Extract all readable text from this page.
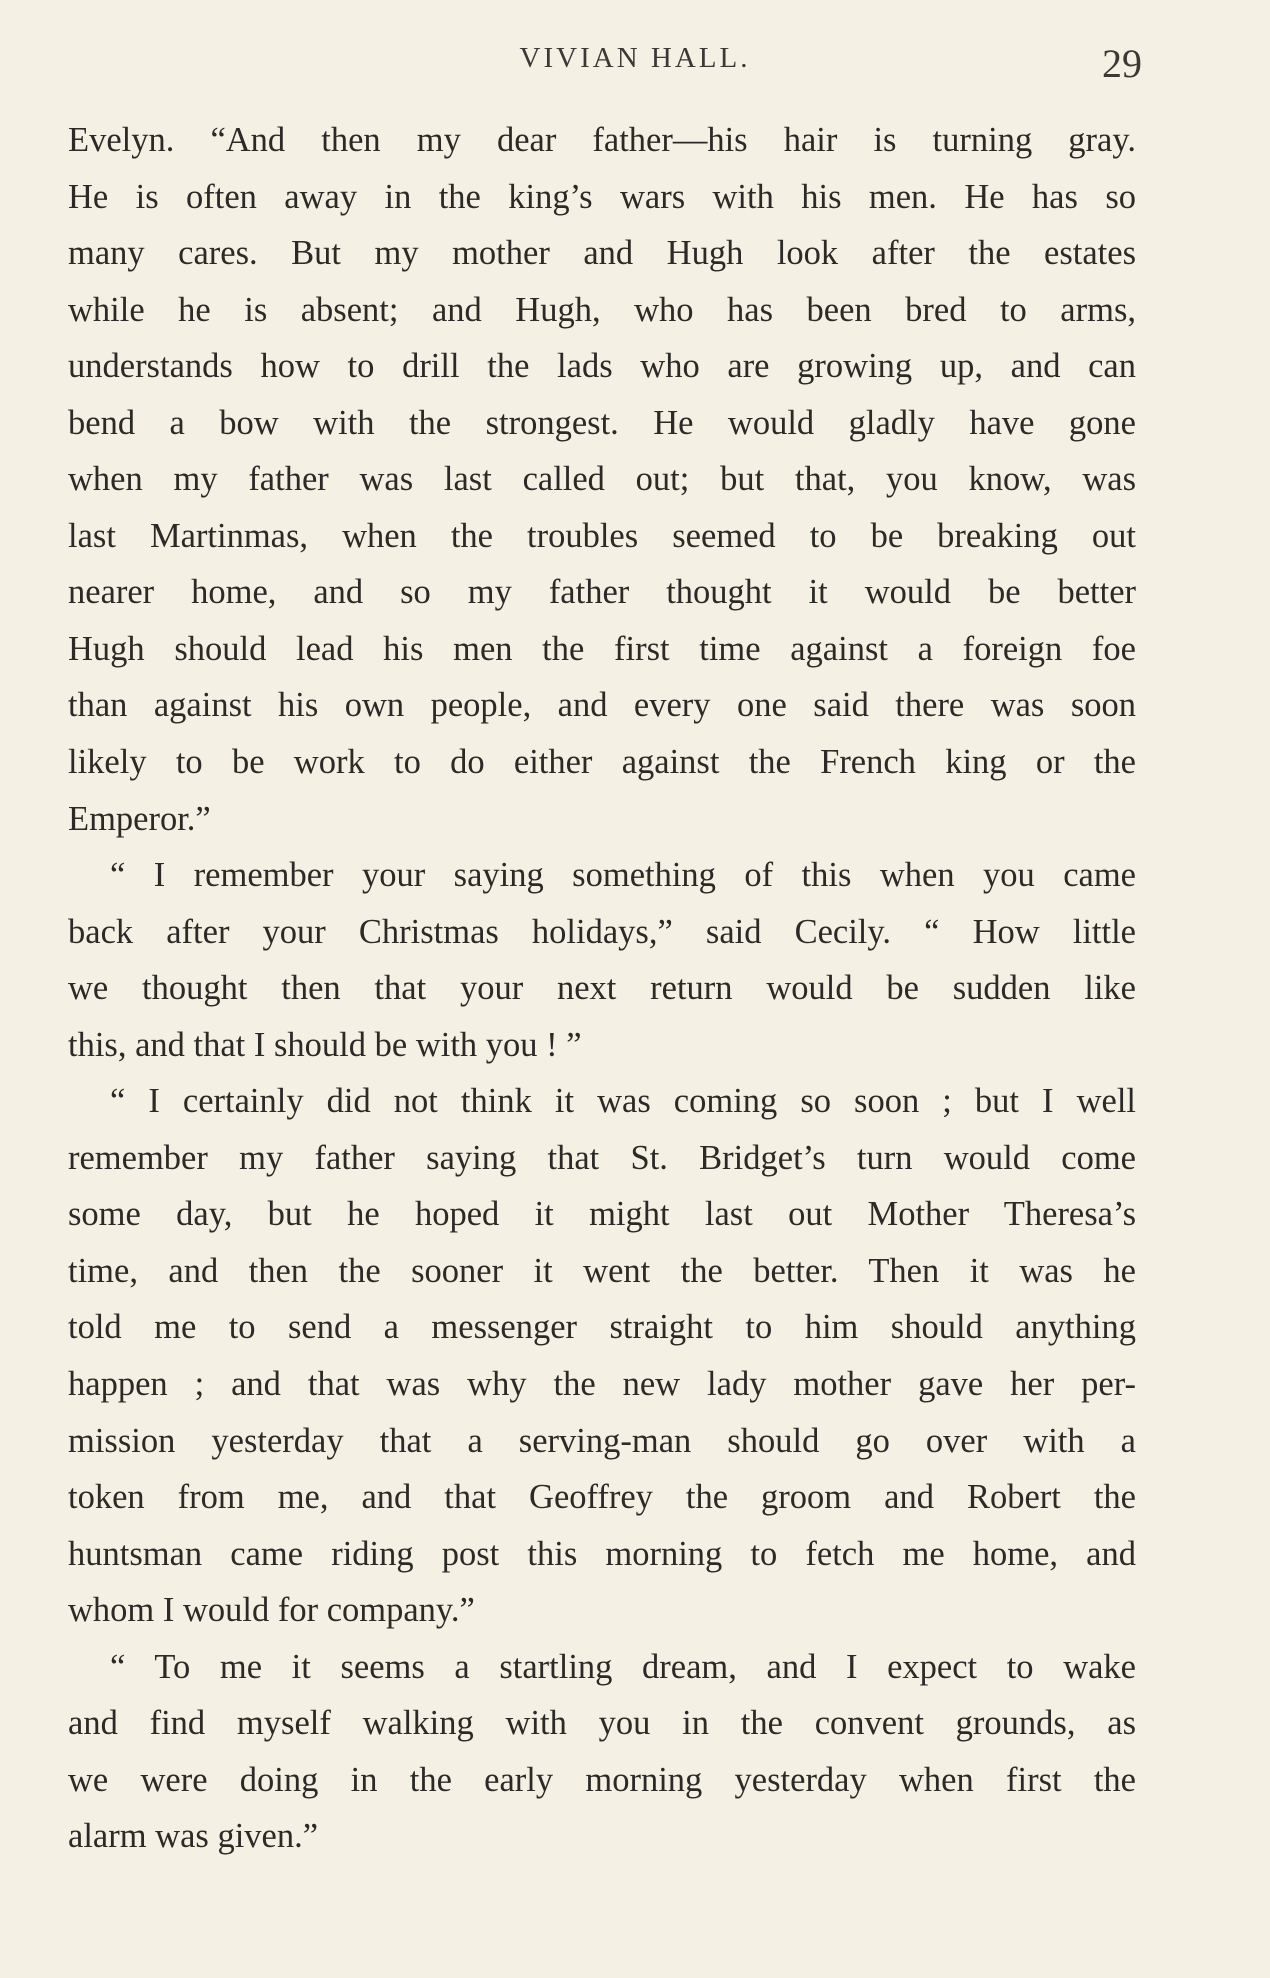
VIVIAN HALL.	29
Evelyn. “And then my dear father—his hair is turning gray.
He is often away in the king’s wars with his men. He has so
many cares. But my mother and Hugh look after the estates
while he is absent; and Hugh, who has been bred to arms,
understands how to drill the lads who are growing up, and can
bend a bow with the strongest. He would gladly have gone
when my father was last called out; but that, you know, was
last Martinmas, when the troubles seemed to be breaking out
nearer home, and so my father thought it would be better
Hugh should lead his men the first time against a foreign foe
than against his own people, and every one said there was soon
likely to be work to do either against the French king or the
Emperor.”
“ I remember your saying something of this when you came
back after your Christmas holidays,” said Cecily. “ How little
we thought then that your next return would be sudden like
this, and that I should be with you ! ”
“ I certainly did not think it was coming so soon ; but I well
remember my father saying that St. Bridget’s turn would come
some day, but he hoped it might last out Mother Theresa’s
time, and then the sooner it went the better. Then it was he
told me to send a messenger straight to him should anything
happen ; and that was why the new lady mother gave her per-
mission yesterday that a serving-man should go over with a
token from me, and that Geoffrey the groom and Robert the
huntsman came riding post this morning to fetch me home, and
whom I would for company.”
“ To me it seems a startling dream, and I expect to wake
and find myself walking with you in the convent grounds, as
we were doing in the early morning yesterday when first the
alarm was given.”
